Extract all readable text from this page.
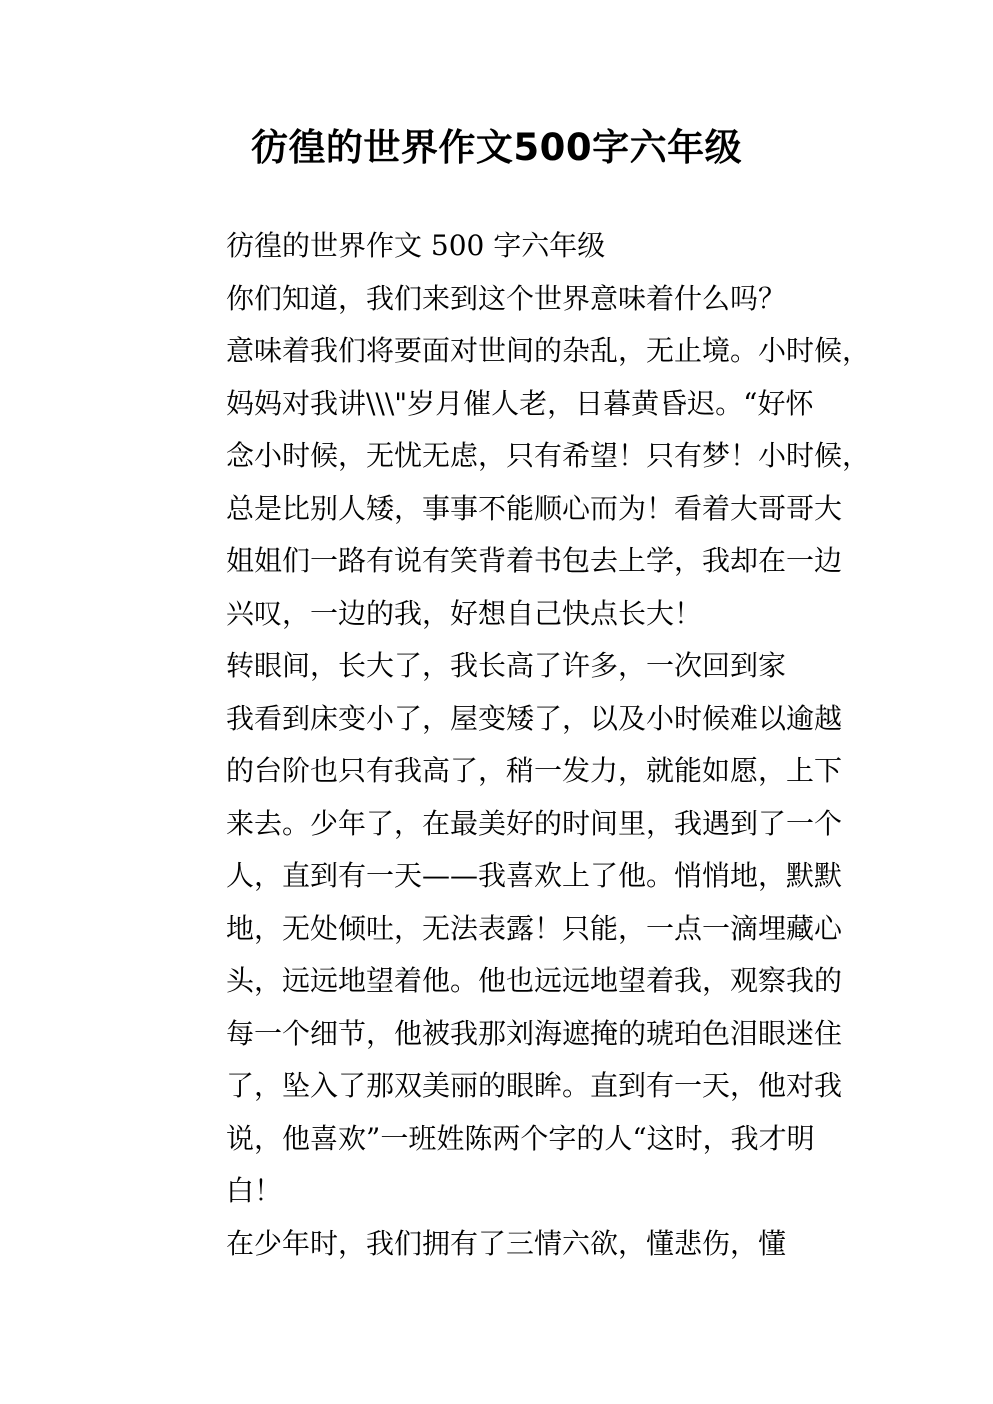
彷徨的世界作文500字六年级

彷徨的世界作文 500 字六年级

你们知道，我们来到这个世界意味着什么吗？
意味着我们将要面对世间的杂乱，无止境。小时候，
妈妈对我讲\\\"岁月催人老，日暮黄昏迟。“好怀
念小时候，无忧无虑，只有希望！只有梦！小时候，
总是比别人矮，事事不能顺心而为！看着大哥哥大
姐姐们一路有说有笑背着书包去上学，我却在一边
兴叹，一边的我，好想自己快点长大！

转眼间，长大了，我长高了许多，一次回到家
我看到床变小了，屋变矮了，以及小时候难以逾越
的台阶也只有我高了，稍一发力，就能如愿，上下
来去。少年了，在最美好的时间里，我遇到了一个
人，直到有一天——我喜欢上了他。悄悄地，默默
地，无处倾吐，无法表露！只能，一点一滴埋藏心
头，远远地望着他。他也远远地望着我，观察我的
每一个细节，他被我那刘海遮掩的琥珀色泪眼迷住
了，坠入了那双美丽的眼眸。直到有一天，他对我
说，他喜欢”一班姓陈两个字的人“这时，我才明
白！

在少年时，我们拥有了三情六欲，懂悲伤，懂
